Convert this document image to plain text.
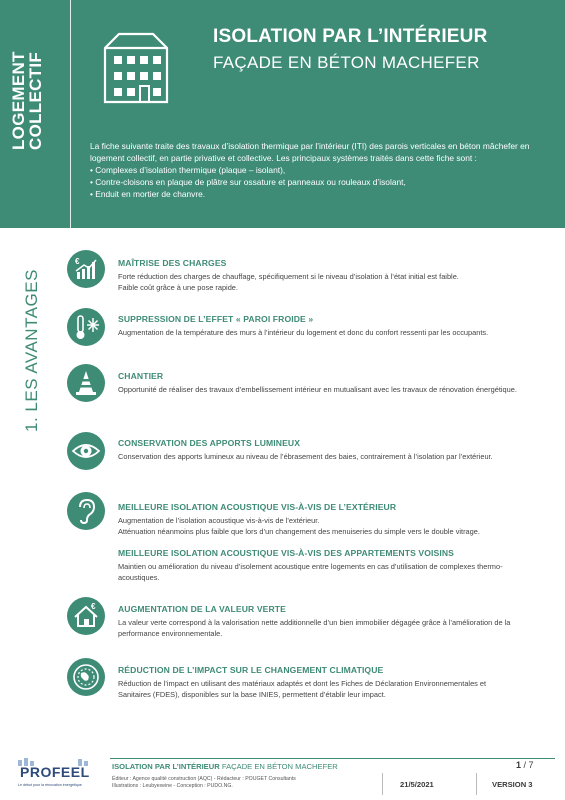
LOGEMENT
COLLECTIF
ISOLATION PAR L’INTÉRIEUR
FAÇADE EN BÉTON MACHEFER

La fiche suivante traite des travaux d’isolation thermique par l’intérieur (ITI) des parois verticales en béton mâchefer en logement collectif, en partie privative et collective. Les principaux systèmes traités dans cette fiche sont :

• Complexes d’isolation thermique (plaque – isolant),

• Contre-cloisons en plaque de plâtre sur ossature et panneaux ou rouleaux d’isolant,

• Enduit en mortier de chanvre.

1. LES AVANTAGES
€	MAÎTRISE DES CHARGES

Forte réduction des charges de chauffage, spécifiquement si le niveau d’isolation à l’état initial est faible.

Faible coût grâce à une pose rapide.

SUPPRESSION DE L’EFFET « PAROI FROIDE »

Augmentation de la température des murs à l’intérieur du logement et donc du confort ressenti par les occupants.

CHANTIER

Opportunité de réaliser des travaux d’embellissement intérieur en mutualisant avec les travaux de rénovation énergétique.

CONSERVATION DES APPORTS LUMINEUX

Conservation des apports lumineux au niveau de l’ébrasement des baies, contrairement à l’isolation par l’extérieur.

MEILLEURE ISOLATION ACOUSTIQUE VIS-À-VIS DE L’EXTÉRIEUR

Augmentation de l’isolation acoustique vis-à-vis de l’extérieur.

Atténuation néanmoins plus faible que lors d’un changement des menuiseries du simple vers le double vitrage.

MEILLEURE ISOLATION ACOUSTIQUE VIS-À-VIS DES APPARTEMENTS VOISINS

Maintien ou amélioration du niveau d’isolement acoustique entre logements en cas d’utilisation de complexes thermo-acoustiques.

€	AUGMENTATION DE LA VALEUR VERTE

La valeur verte correspond à la valorisation nette additionnelle d’un bien immobilier dégagée grâce à l’amélioration de la performance environnementale.

RÉDUCTION DE L’IMPACT SUR LE CHANGEMENT CLIMATIQUE

Réduction de l’impact en utilisant des matériaux adaptés et dont les Fiches de Déclaration Environnementales et Sanitaires (FDES), disponibles sur la base INIES, permettent d’établir leur impact.

PROFEEL
Le début pour la rénovation énergétique
ISOLATION PAR L’INTÉRIEUR FAÇADE EN BÉTON MACHEFER	1 / 7
Éditeur : Agence qualité construction (AQC) - Rédacteur : POUGET Consultants
Illustrations : Leubyexeine - Conception : PUDO.NG.	21/5/2021	VERSION 3
